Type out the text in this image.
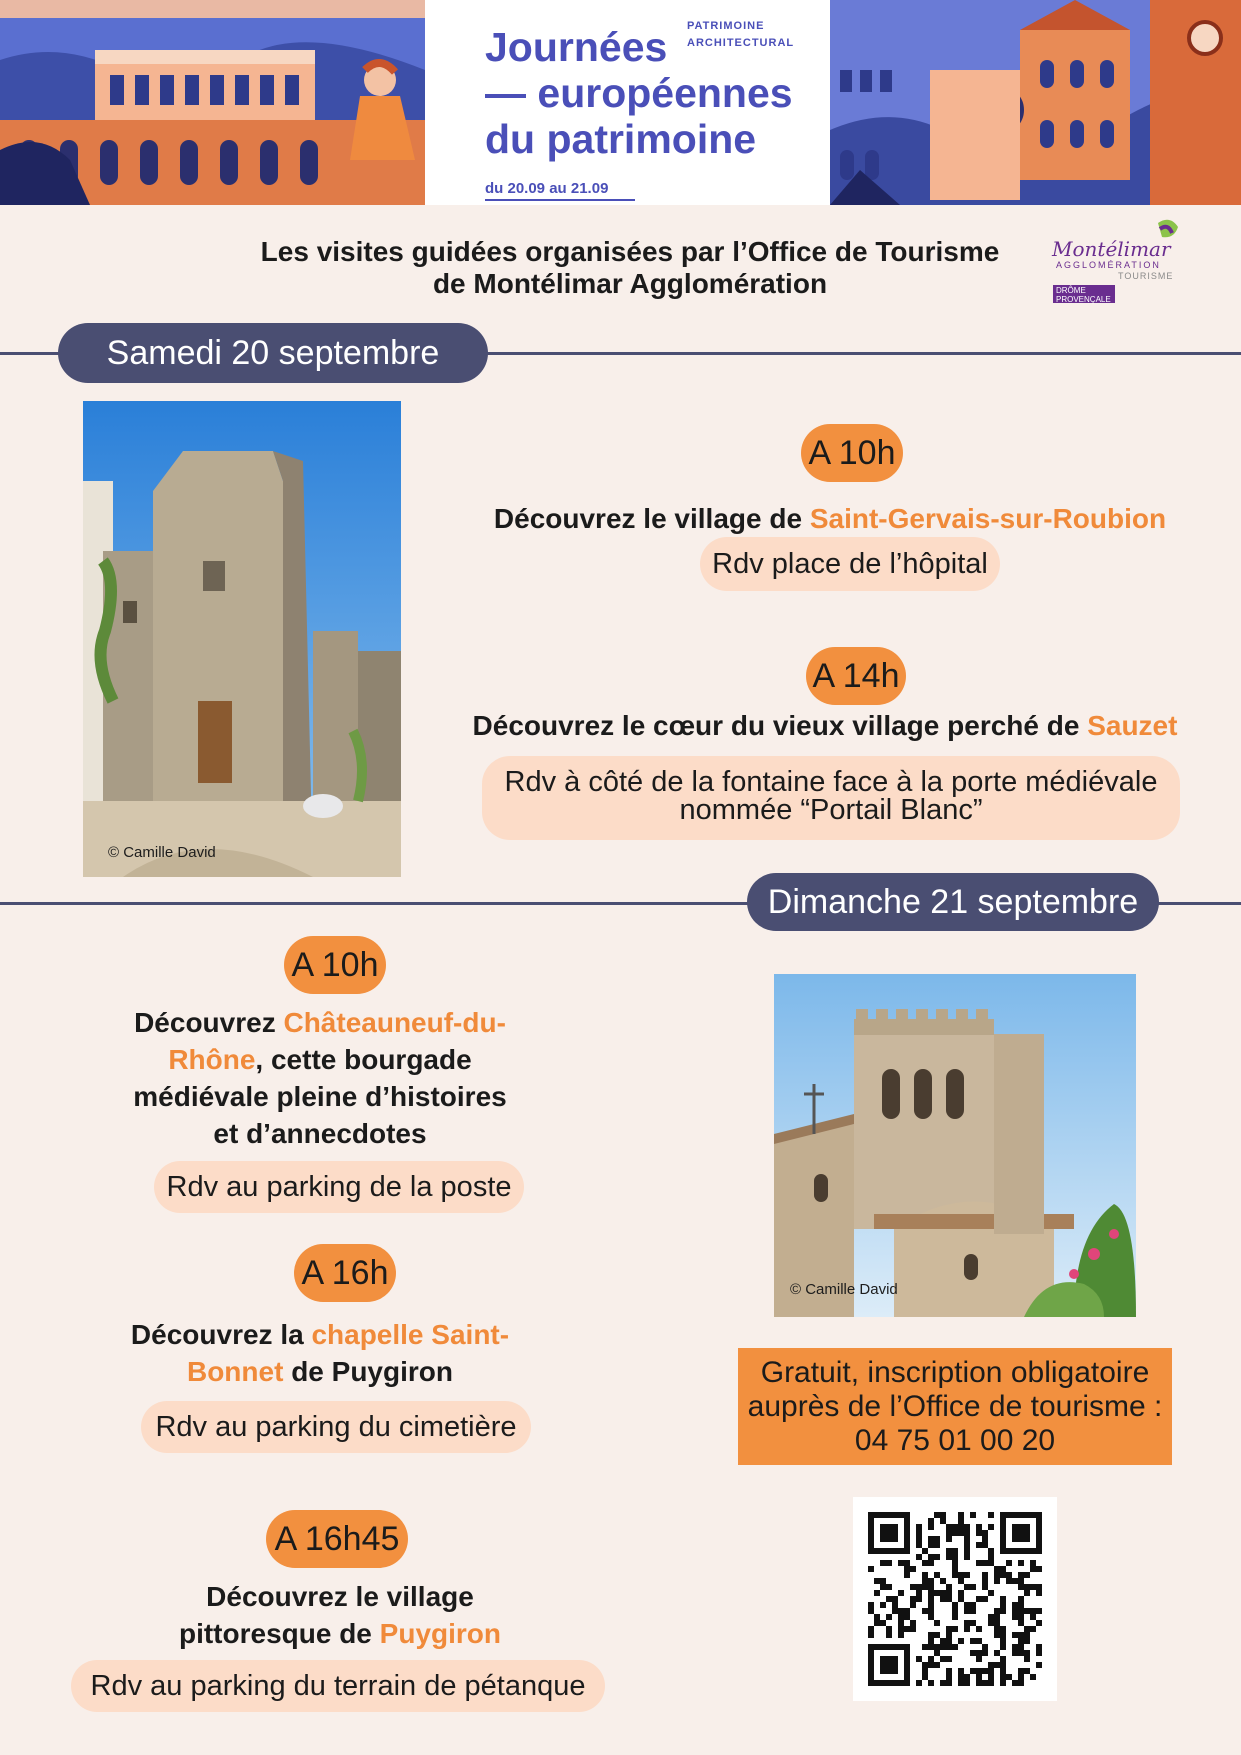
Journées
— européennes
du patrimoine
PATRIMOINE
ARCHITECTURAL
du 20.09 au 21.09
Les visites guidées organisées par l’Office de Tourisme
de Montélimar Agglomération
Montélimar
AGGLOMÉRATION
TOURISME
DRÔME
PROVENÇALE
Samedi 20 septembre
© Camille David
A 10h
Découvrez le village de Saint-Gervais-sur-Roubion
Rdv place de l’hôpital
A 14h
Découvrez le cœur du vieux village perché de Sauzet
Rdv à côté de la fontaine face à la porte médiévale
nommée “Portail Blanc”
Dimanche 21 septembre
A 10h
Découvrez Châteauneuf-du-
Rhône, cette bourgade
médiévale pleine d’histoires
et d’annecdotes
Rdv au parking de la poste
A 16h
Découvrez la chapelle Saint-
Bonnet de Puygiron
Rdv au parking du cimetière
A 16h45
Découvrez le village
pittoresque de Puygiron
Rdv au parking du terrain de pétanque
© Camille David
Gratuit, inscription obligatoire
auprès de l’Office de tourisme :
04 75 01 00 20
